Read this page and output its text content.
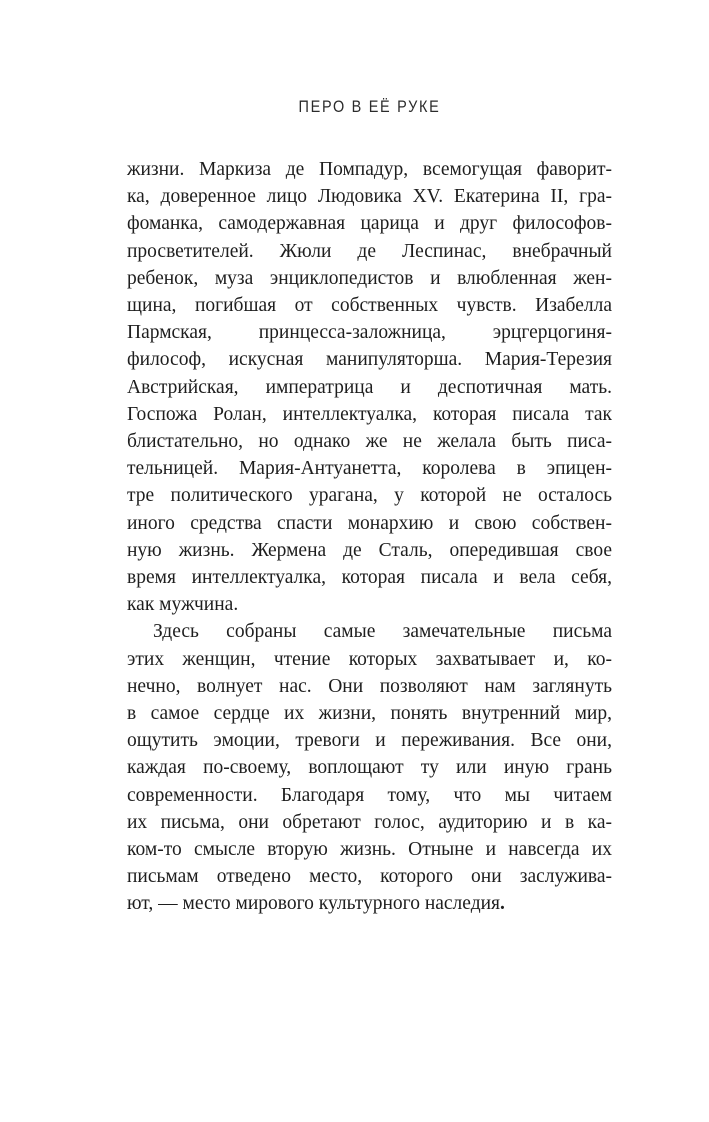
ПЕРО В ЕЁ РУКЕ
жизни. Маркиза де Помпадур, всемогущая фаворит-
ка, доверенное лицо Людовика XV. Екатерина II, гра-
фоманка, самодержавная царица и друг философов-
просветителей. Жюли де Леспинас, внебрачный
ребенок, муза энциклопедистов и влюбленная жен-
щина, погибшая от собственных чувств. Изабелла
Пармская, принцесса-заложница, эрцгерцогиня-
философ, искусная манипуляторша. Мария-Терезия
Австрийская, императрица и деспотичная мать.
Госпожа Ролан, интеллектуалка, которая писала так
блистательно, но однако же не желала быть писа-
тельницей. Мария-Антуанетта, королева в эпицен-
тре политического урагана, у которой не осталось
иного средства спасти монархию и свою собствен-
ную жизнь. Жермена де Сталь, опередившая свое
время интеллектуалка, которая писала и вела себя,
как мужчина.
Здесь собраны самые замечательные письма
этих женщин, чтение которых захватывает и, ко-
нечно, волнует нас. Они позволяют нам заглянуть
в самое сердце их жизни, понять внутренний мир,
ощутить эмоции, тревоги и переживания. Все они,
каждая по-своему, воплощают ту или иную грань
современности. Благодаря тому, что мы читаем
их письма, они обретают голос, аудиторию и в ка-
ком-то смысле вторую жизнь. Отныне и навсегда их
письмам отведено место, которого они заслужива-
ют, — место мирового культурного наследия.
